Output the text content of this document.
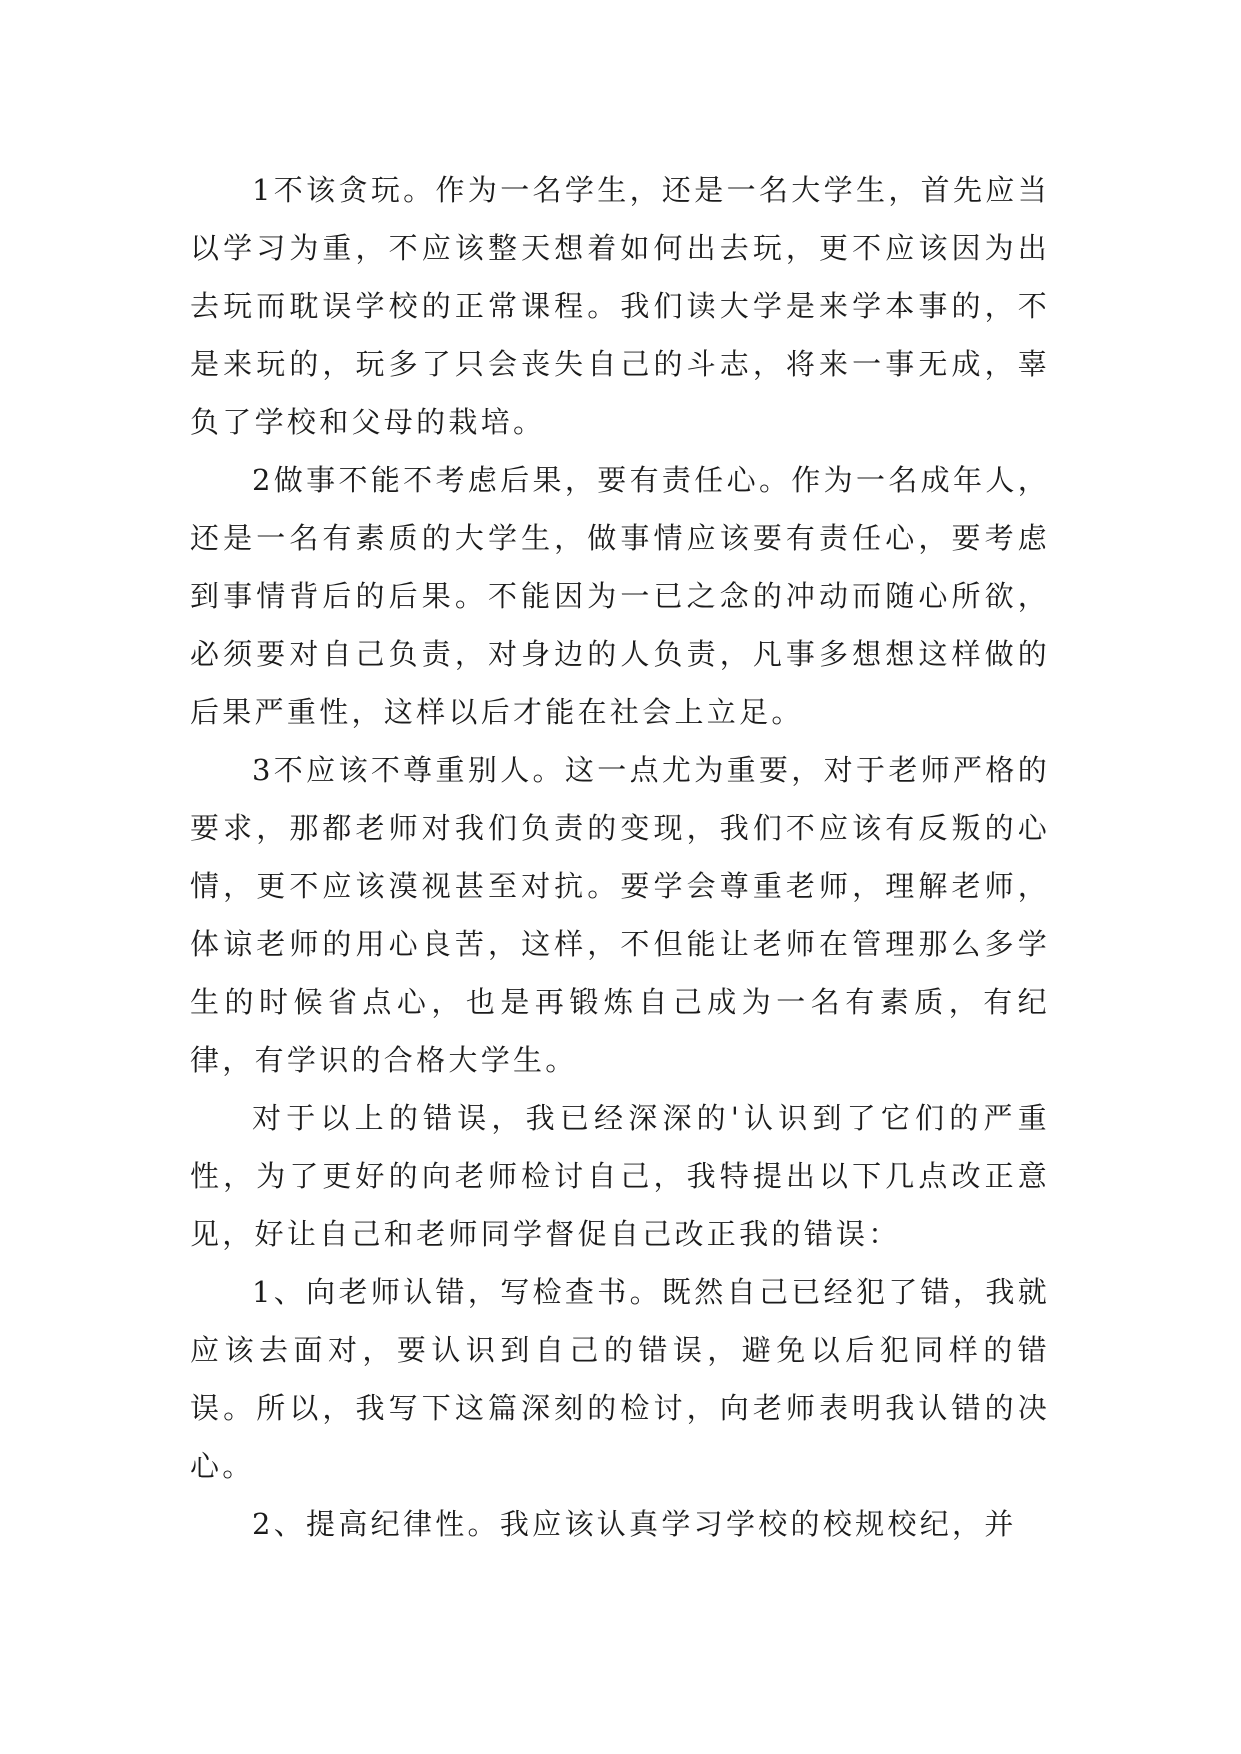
1不该贪玩。作为一名学生，还是一名大学生，首先应当以学习为重，不应该整天想着如何出去玩，更不应该因为出去玩而耽误学校的正常课程。我们读大学是来学本事的，不是来玩的，玩多了只会丧失自己的斗志，将来一事无成，辜负了学校和父母的栽培。

2做事不能不考虑后果，要有责任心。作为一名成年人，还是一名有素质的大学生，做事情应该要有责任心，要考虑到事情背后的后果。不能因为一已之念的冲动而随心所欲，必须要对自己负责，对身边的人负责，凡事多想想这样做的后果严重性，这样以后才能在社会上立足。

3不应该不尊重别人。这一点尤为重要，对于老师严格的要求，那都老师对我们负责的变现，我们不应该有反叛的心情，更不应该漠视甚至对抗。要学会尊重老师，理解老师，体谅老师的用心良苦，这样，不但能让老师在管理那么多学生的时候省点心，也是再锻炼自己成为一名有素质，有纪律，有学识的合格大学生。

对于以上的错误，我已经深深的'认识到了它们的严重性，为了更好的向老师检讨自己，我特提出以下几点改正意见，好让自己和老师同学督促自己改正我的错误：

1、向老师认错，写检查书。既然自己已经犯了错，我就应该去面对，要认识到自己的错误，避免以后犯同样的错误。所以，我写下这篇深刻的检讨，向老师表明我认错的决心。

2、提高纪律性。我应该认真学习学校的校规校纪，并
